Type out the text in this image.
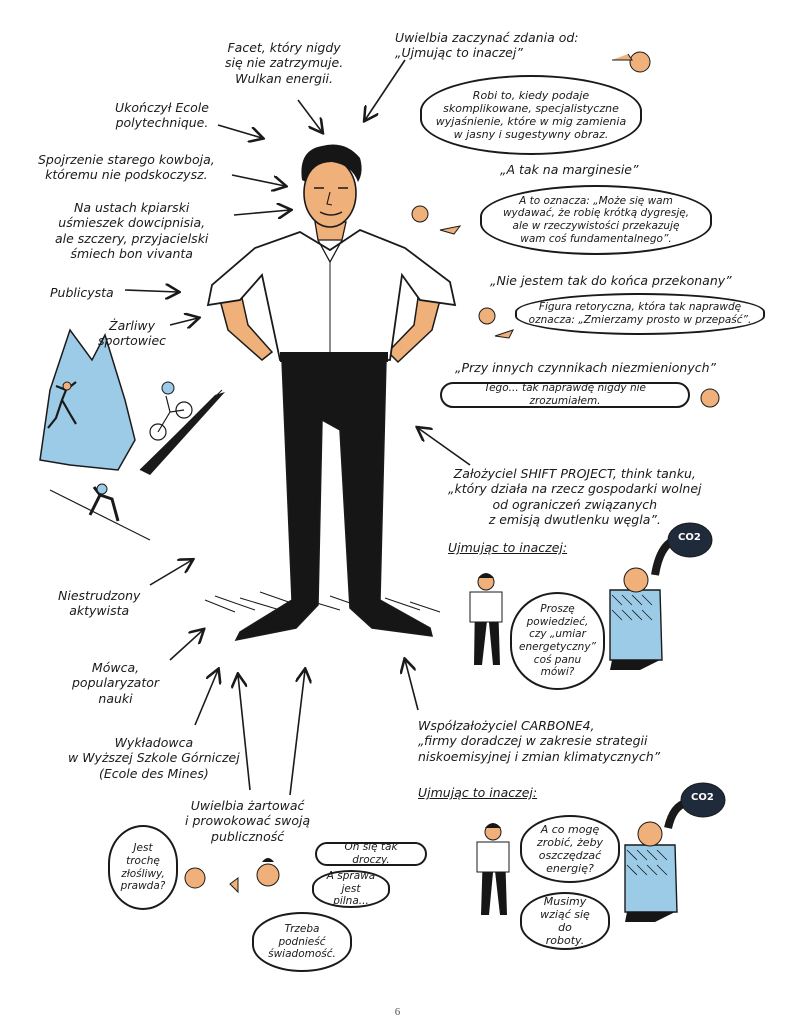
Facet, który nigdy
się nie zatrzymuje.
Wulkan energii.
Ukończył Ecole
polytechnique.
Spojrzenie starego kowboja,
któremu nie podskoczysz.
Na ustach kpiarski
uśmieszek dowcipnisia,
ale szczery, przyjacielski
śmiech bon vivanta
Publicysta
Żarliwy
sportowiec
Niestrudzony
aktywista
Mówca,
popularyzator
nauki
Wykładowca
w Wyższej Szkole Górniczej
(Ecole des Mines)
Uwielbia żartować
i prowokować swoją
publiczność
Uwielbia zaczynać zdania od:
„Ujmując to inaczej”
Założyciel SHIFT PROJECT, think tanku,
„który działa na rzecz gospodarki wolnej
od ograniczeń związanych
z emisją dwutlenku węgla”.
Ujmując to inaczej:
Współzałożyciel CARBONE4,
„firmy doradczej w zakresie strategii
niskoemisyjnej i zmian klimatycznych”
Ujmując to inaczej:
„A tak na marginesie”
„Nie jestem tak do końca przekonany”
„Przy innych czynnikach niezmienionych”
Robi to, kiedy podaje
skomplikowane, specjalistyczne
wyjaśnienie, które w mig zamienia
w jasny i sugestywny obraz.
A to oznacza: „Może się wam
wydawać, że robię krótką dygresję,
ale w rzeczywistości przekazuję
wam coś fundamentalnego”.
Figura retoryczna, która tak naprawdę
oznacza: „Zmierzamy prosto w przepaść”.
Tego... tak naprawdę nigdy nie zrozumiałem.
Proszę
powiedzieć,
czy „umiar
energetyczny”
coś panu
mówi?
A co mogę
zrobić, żeby
oszczędzać
energię?
Musimy
wziąć się do
roboty.
Jest
trochę
złośliwy,
prawda?
On się tak droczy.
A sprawa
jest pilna...
Trzeba
podnieść
świadomość.
CO2
CO2
6
